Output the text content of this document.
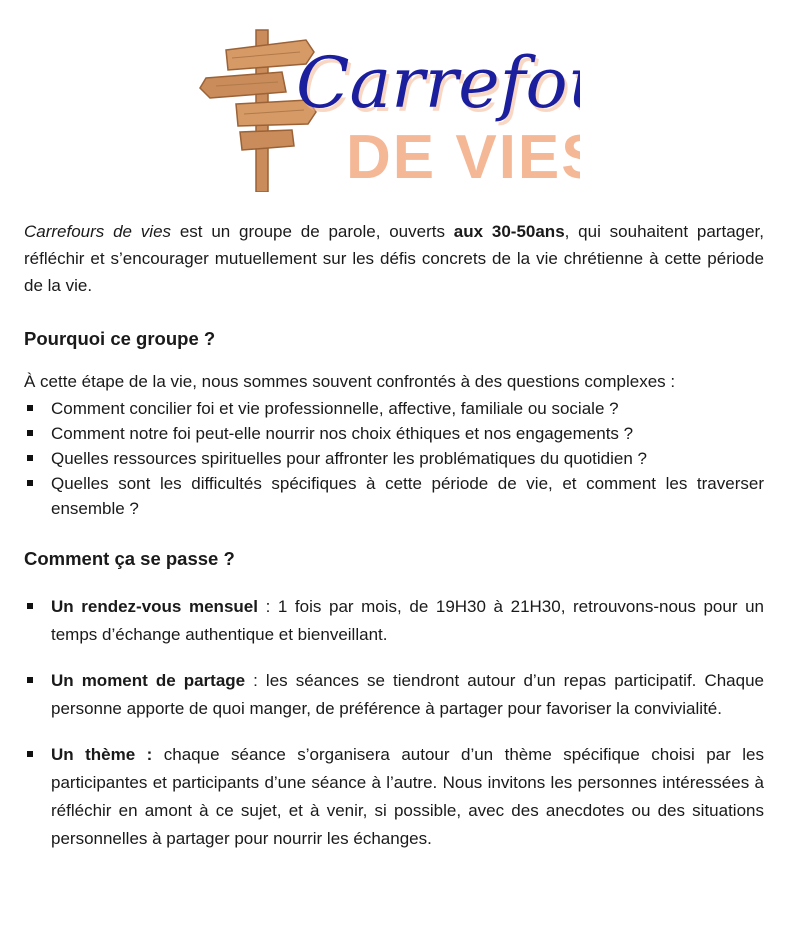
Carrefo
Carrefo
DE VIES

Carrefours de vies est un groupe de parole, ouverts aux 30-50ans, qui souhaitent partager, réfléchir et s’encourager mutuellement sur les défis concrets de la vie chrétienne à cette période de la vie.

Pourquoi ce groupe ?

À cette étape de la vie, nous sommes souvent confrontés à des questions complexes :

Comment concilier foi et vie professionnelle, affective, familiale ou sociale ?
Comment notre foi peut-elle nourrir nos choix éthiques et nos engagements ?
Quelles ressources spirituelles pour affronter les problématiques du quotidien ?
Quelles sont les difficultés spécifiques à cette période de vie, et comment les traverser ensemble ?
Comment ça se passe ?
Un rendez-vous mensuel : 1 fois par mois, de 19H30 à 21H30, retrouvons-nous pour un temps d’échange authentique et bienveillant.
Un moment de partage : les séances se tiendront autour d’un repas participatif. Chaque personne apporte de quoi manger, de préférence à partager pour favoriser la convivialité.
Un thème : chaque séance s’organisera autour d’un thème spécifique choisi par les participantes et participants d’une séance à l’autre. Nous invitons les personnes intéressées à réfléchir en amont à ce sujet, et à venir, si possible, avec des anecdotes ou des situations personnelles à partager pour nourrir les échanges.
